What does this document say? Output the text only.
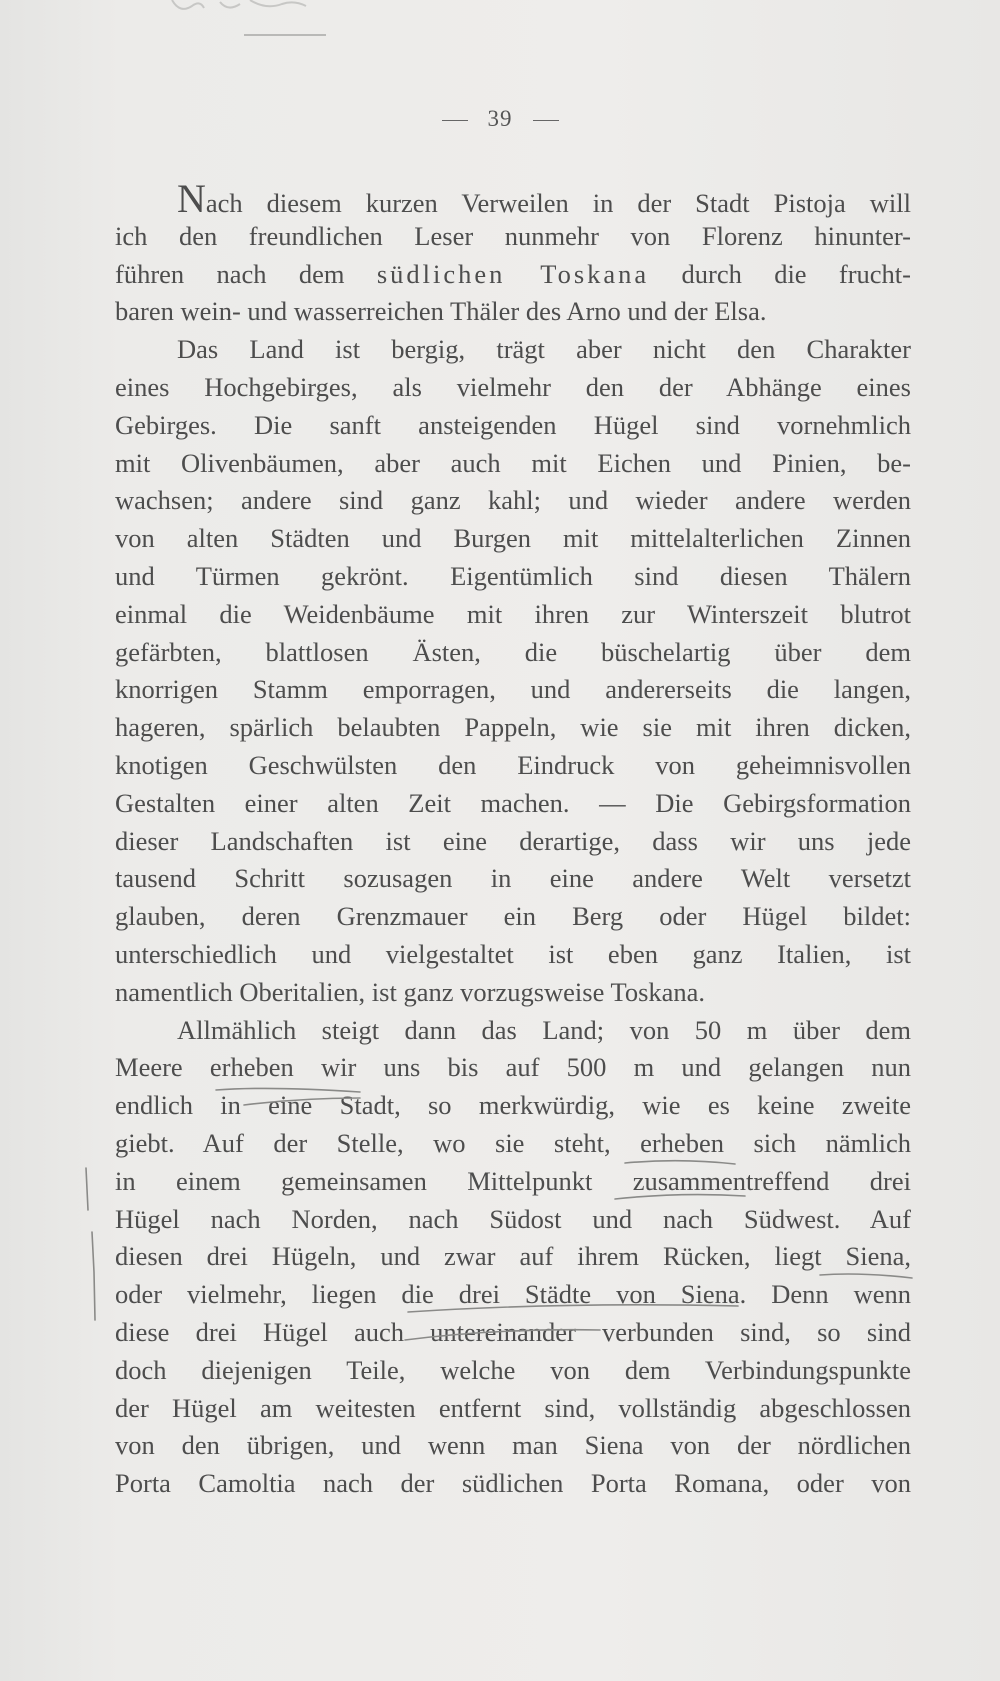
39
Nach diesem kurzen Verweilen in der Stadt Pistoja will
ich den freundlichen Leser nunmehr von Florenz hinunter-
führen nach dem südlichen Toskana durch die frucht-
baren wein- und wasserreichen Thäler des Arno und der Elsa.
Das Land ist bergig, trägt aber nicht den Charakter
eines Hochgebirges, als vielmehr den der Abhänge eines
Gebirges. Die sanft ansteigenden Hügel sind vornehmlich
mit Olivenbäumen, aber auch mit Eichen und Pinien, be-
wachsen; andere sind ganz kahl; und wieder andere werden
von alten Städten und Burgen mit mittelalterlichen Zinnen
und Türmen gekrönt. Eigentümlich sind diesen Thälern
einmal die Weidenbäume mit ihren zur Winterszeit blutrot
gefärbten, blattlosen Ästen, die büschelartig über dem
knorrigen Stamm emporragen, und andererseits die langen,
hageren, spärlich belaubten Pappeln, wie sie mit ihren dicken,
knotigen Geschwülsten den Eindruck von geheimnisvollen
Gestalten einer alten Zeit machen. — Die Gebirgsformation
dieser Landschaften ist eine derartige, dass wir uns jede
tausend Schritt sozusagen in eine andere Welt versetzt
glauben, deren Grenzmauer ein Berg oder Hügel bildet:
unterschiedlich und vielgestaltet ist eben ganz Italien, ist
namentlich Oberitalien, ist ganz vorzugsweise Toskana.
Allmählich steigt dann das Land; von 50 m über dem
Meere erheben wir uns bis auf 500 m und gelangen nun
endlich in eine Stadt, so merkwürdig, wie es keine zweite
giebt. Auf der Stelle, wo sie steht, erheben sich nämlich
in einem gemeinsamen Mittelpunkt zusammentreffend drei
Hügel nach Norden, nach Südost und nach Südwest. Auf
diesen drei Hügeln, und zwar auf ihrem Rücken, liegt Siena,
oder vielmehr, liegen die drei Städte von Siena. Denn wenn
diese drei Hügel auch untereinander verbunden sind, so sind
doch diejenigen Teile, welche von dem Verbindungspunkte
der Hügel am weitesten entfernt sind, vollständig abgeschlossen
von den übrigen, und wenn man Siena von der nördlichen
Porta Camoltia nach der südlichen Porta Romana, oder von
